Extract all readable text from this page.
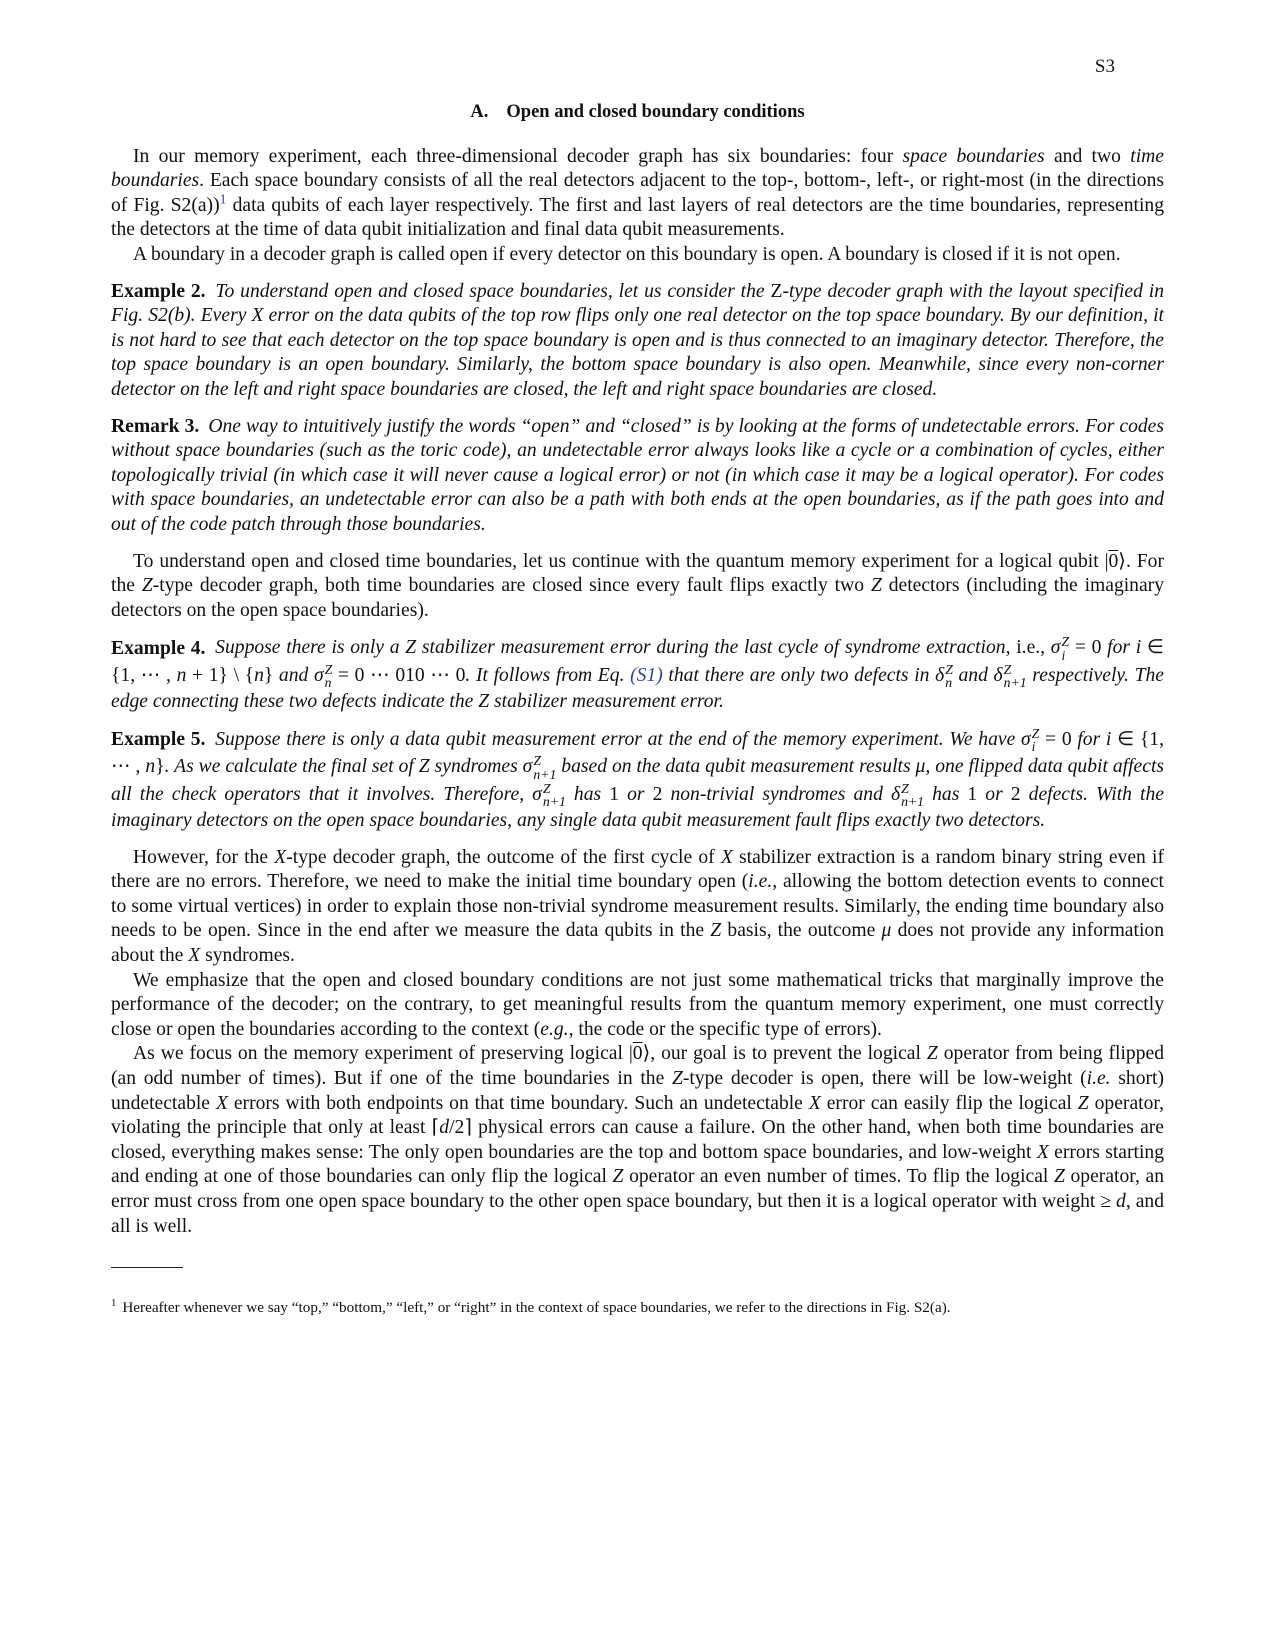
S3
A. Open and closed boundary conditions

In our memory experiment, each three-dimensional decoder graph has six boundaries: four space boundaries and two time boundaries. Each space boundary consists of all the real detectors adjacent to the top-, bottom-, left-, or right-most (in the directions of Fig. S2(a))$^1$ data qubits of each layer respectively. The first and last layers of real detectors are the time boundaries, representing the detectors at the time of data qubit initialization and final data qubit measurements.

A boundary in a decoder graph is called open if every detector on this boundary is open. A boundary is closed if it is not open.

Example 2. To understand open and closed space boundaries, let us consider the Z-type decoder graph with the layout specified in Fig. S2(b). Every X error on the data qubits of the top row flips only one real detector on the top space boundary. By our definition, it is not hard to see that each detector on the top space boundary is open and is thus connected to an imaginary detector. Therefore, the top space boundary is an open boundary. Similarly, the bottom space boundary is also open. Meanwhile, since every non-corner detector on the left and right space boundaries are closed, the left and right space boundaries are closed.

Remark 3. One way to intuitively justify the words “open” and “closed” is by looking at the forms of undetectable errors. For codes without space boundaries (such as the toric code), an undetectable error always looks like a cycle or a combination of cycles, either topologically trivial (in which case it will never cause a logical error) or not (in which case it may be a logical operator). For codes with space boundaries, an undetectable error can also be a path with both ends at the open boundaries, as if the path goes into and out of the code patch through those boundaries.

To understand open and closed time boundaries, let us continue with the quantum memory experiment for a logical qubit |0⟩. For the Z-type decoder graph, both time boundaries are closed since every fault flips exactly two Z detectors (including the imaginary detectors on the open space boundaries).

Example 4. Suppose there is only a Z stabilizer measurement error during the last cycle of syndrome extraction, i.e., σ Z
i = 0 for i ∈ {1, ⋯ , n + 1} \ {n} and σ Z
n = 0 ⋯ 010 ⋯ 0. It follows from Eq. (S1) that there are only two defects in δ Z
n and δ Z
n+1 respectively. The edge connecting these two defects indicate the Z stabilizer measurement error.

Example 5. Suppose there is only a data qubit measurement error at the end of the memory experiment. We have σ Z
i = 0 for i ∈ {1, ⋯ , n}. As we calculate the final set of Z syndromes σ Z
n+1 based on the data qubit measurement results μ, one flipped data qubit affects all the check operators that it involves. Therefore, σ Z
n+1 has 1 or 2 non-trivial syndromes and δ Z
n+1 has 1 or 2 defects. With the imaginary detectors on the open space boundaries, any single data qubit measurement fault flips exactly two detectors.

However, for the X-type decoder graph, the outcome of the first cycle of X stabilizer extraction is a random binary string even if there are no errors. Therefore, we need to make the initial time boundary open (i.e., allowing the bottom detection events to connect to some virtual vertices) in order to explain those non-trivial syndrome measurement results. Similarly, the ending time boundary also needs to be open. Since in the end after we measure the data qubits in the Z basis, the outcome μ does not provide any information about the X syndromes.

We emphasize that the open and closed boundary conditions are not just some mathematical tricks that marginally improve the performance of the decoder; on the contrary, to get meaningful results from the quantum memory experiment, one must correctly close or open the boundaries according to the context (e.g., the code or the specific type of errors).

As we focus on the memory experiment of preserving logical |0⟩, our goal is to prevent the logical Z operator from being flipped (an odd number of times). But if one of the time boundaries in the Z-type decoder is open, there will be low-weight (i.e. short) undetectable X errors with both endpoints on that time boundary. Such an undetectable X error can easily flip the logical Z operator, violating the principle that only at least ⌈d/2⌉ physical errors can cause a failure. On the other hand, when both time boundaries are closed, everything makes sense: The only open boundaries are the top and bottom space boundaries, and low-weight X errors starting and ending at one of those boundaries can only flip the logical Z operator an even number of times. To flip the logical Z operator, an error must cross from one open space boundary to the other open space boundary, but then it is a logical operator with weight ≥ d, and all is well.

$^1$ Hereafter whenever we say “top,” “bottom,” “left,” or “right” in the context of space boundaries, we refer to the directions in Fig. S2(a).
